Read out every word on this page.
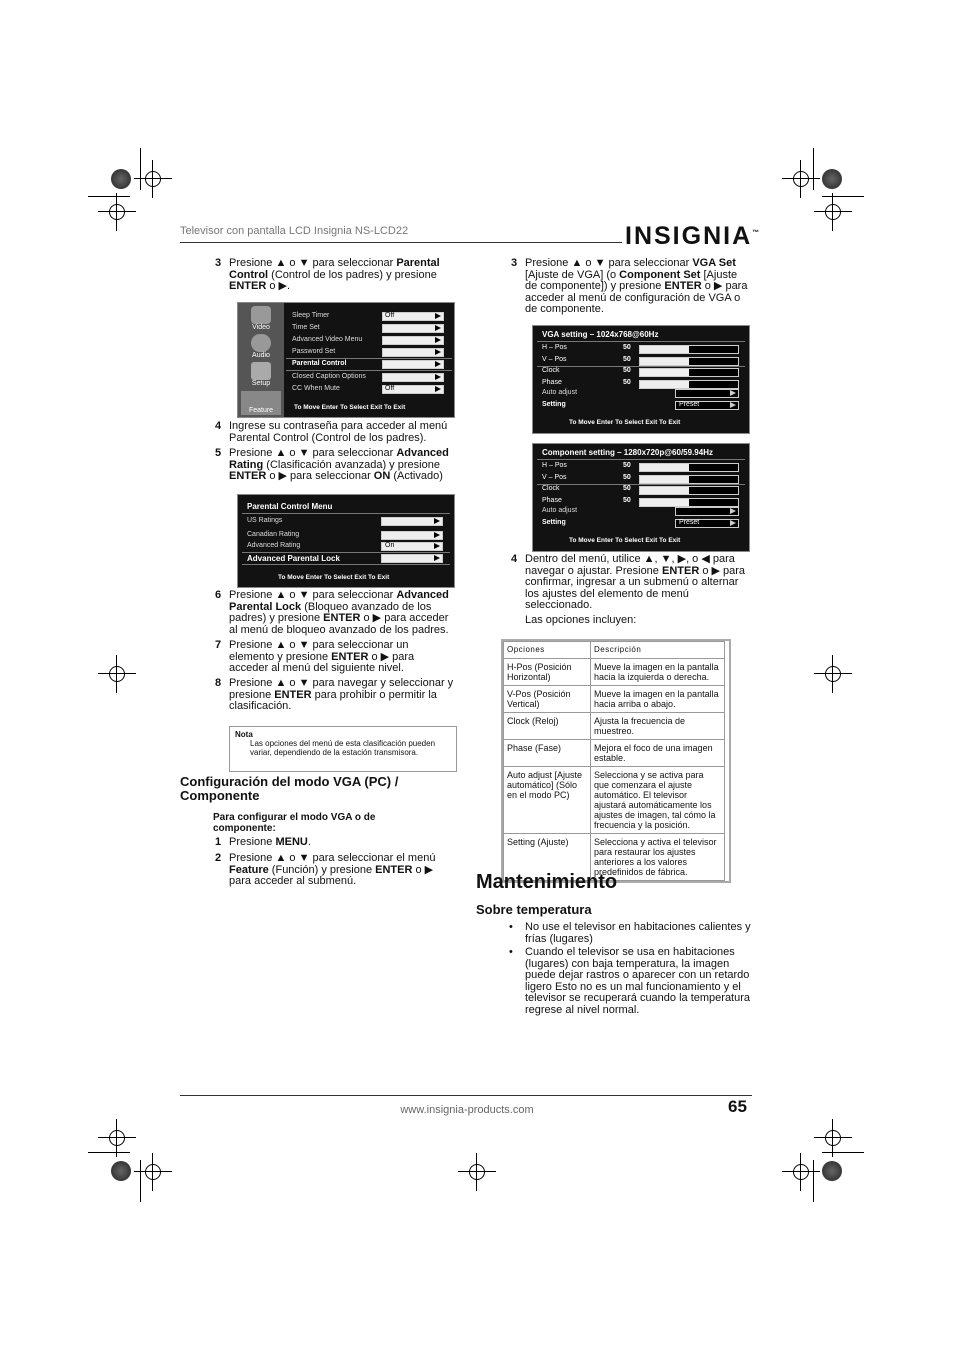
Televisor con pantalla LCD Insignia NS-LCD22	INSIGNIA™
3 Presione ▲ o ▼ para seleccionar Parental Control (Control de los padres) y presione ENTER o ▶.
Video
Audio
Setup
Feature
Sleep Timer	Off
Time Set
Advanced Video Menu
Password Set
Parental Control
Closed Caption Options
CC When Mute	Off
To Move Enter To Select Exit To Exit
4 Ingrese su contraseña para acceder al menú Parental Control (Control de los padres).
5 Presione ▲ o ▼ para seleccionar Advanced Rating (Clasificación avanzada) y presione ENTER o ▶ para seleccionar ON (Activado)
Parental Control Menu
US Ratings
Canadian Rating
Advanced Rating	On
Advanced Parental Lock
To Move Enter To Select Exit To Exit
6 Presione ▲ o ▼ para seleccionar Advanced Parental Lock (Bloqueo avanzado de los padres) y presione ENTER o ▶ para acceder al menú de bloqueo avanzado de los padres.
7 Presione ▲ o ▼ para seleccionar un elemento y presione ENTER o ▶ para acceder al menú del siguiente nivel.
8 Presione ▲ o ▼ para navegar y seleccionar y presione ENTER para prohibir o permitir la clasificación.
Nota
Las opciones del menú de esta clasificación pueden variar, dependiendo de la estación transmisora.
Configuración del modo VGA (PC) / Componente
Para configurar el modo VGA o de componente:
1 Presione MENU.
2 Presione ▲ o ▼ para seleccionar el menú Feature (Función) y presione ENTER o ▶ para acceder al submenú.
3 Presione ▲ o ▼ para seleccionar VGA Set [Ajuste de VGA] (o Component Set [Ajuste de componente]) y presione ENTER o ▶ para acceder al menú de configuración de VGA o de componente.
VGA setting – 1024x768@60Hz
H – Pos	50
V – Pos	50
Clock	50
Phase	50
Auto adjust
Setting	Preset
To Move Enter To Select Exit To Exit
Component setting – 1280x720p@60/59.94Hz
H – Pos	50
V – Pos	50
Clock	50
Phase	50
Auto adjust
Setting	Preset
To Move Enter To Select Exit To Exit
4 Dentro del menú, utilice ▲, ▼, ▶, o ◀ para navegar o ajustar. Presione ENTER o ▶ para confirmar, ingresar a un submenú o alternar los ajustes del elemento de menú seleccionado.
Las opciones incluyen:
Opciones	Descripción
H-Pos (Posición Horizontal)	Mueve la imagen en la pantalla hacia la izquierda o derecha.
V-Pos (Posición Vertical)	Mueve la imagen en la pantalla hacia arriba o abajo.
Clock (Reloj)	Ajusta la frecuencia de muestreo.
Phase (Fase)	Mejora el foco de una imagen estable.
Auto adjust [Ajuste automático] (Sólo en el modo PC)	Selecciona y se activa para que comenzara el ajuste automático. El televisor ajustará automáticamente los ajustes de imagen, tal cómo la frecuencia y la posición.
Setting (Ajuste)	Selecciona y activa el televisor para restaurar los ajustes anteriores a los valores predefinidos de fábrica.
Mantenimiento
Sobre temperatura
• No use el televisor en habitaciones calientes y frías (lugares)
• Cuando el televisor se usa en habitaciones (lugares) con baja temperatura, la imagen puede dejar rastros o aparecer con un retardo ligero Esto no es un mal funcionamiento y el televisor se recuperará cuando la temperatura regrese al nivel normal.
www.insignia-products.com	65
